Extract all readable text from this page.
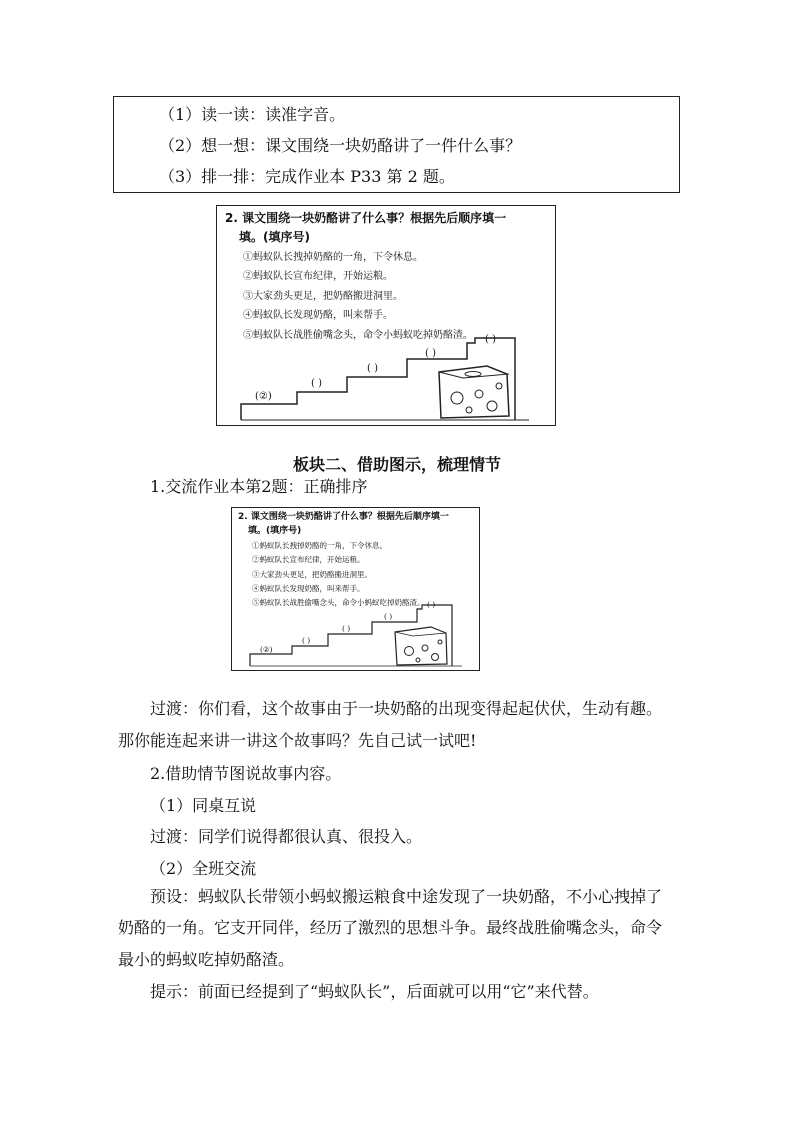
（1）读一读：读准字音。
（2）想一想：课文围绕一块奶酪讲了一件什么事？
（3）排一排：完成作业本 P33 第 2 题。
2. 课文围绕一块奶酪讲了什么事？根据先后顺序填一
填。(填序号)
①蚂蚁队长拽掉奶酪的一角，下令休息。
②蚂蚁队长宣布纪律，开始运粮。
③大家劲头更足，把奶酪搬进洞里。
④蚂蚁队长发现奶酪，叫来帮手。
⑤蚂蚁队长战胜偷嘴念头，命令小蚂蚁吃掉奶酪渣。
(②)
( )
( )
( )
( )
板块二、借助图示，梳理情节
1.交流作业本第2题：正确排序
2. 课文围绕一块奶酪讲了什么事？根据先后顺序填一
填。(填序号)
①蚂蚁队长拽掉奶酪的一角，下令休息。
②蚂蚁队长宣布纪律，开始运粮。
③大家劲头更足，把奶酪搬进洞里。
④蚂蚁队长发现奶酪，叫来帮手。
⑤蚂蚁队长战胜偷嘴念头，命令小蚂蚁吃掉奶酪渣。
(②)
( )
( )
( )
( )
过渡：你们看，这个故事由于一块奶酪的出现变得起起伏伏，生动有趣。
那你能连起来讲一讲这个故事吗？先自己试一试吧!
2.借助情节图说故事内容。
（1）同桌互说
过渡：同学们说得都很认真、很投入。
（2）全班交流
预设：蚂蚁队长带领小蚂蚁搬运粮食中途发现了一块奶酪，不小心拽掉了
奶酪的一角。它支开同伴，经历了激烈的思想斗争。最终战胜偷嘴念头，命令
最小的蚂蚁吃掉奶酪渣。
提示：前面已经提到了“蚂蚁队长”，后面就可以用“它”来代替。
